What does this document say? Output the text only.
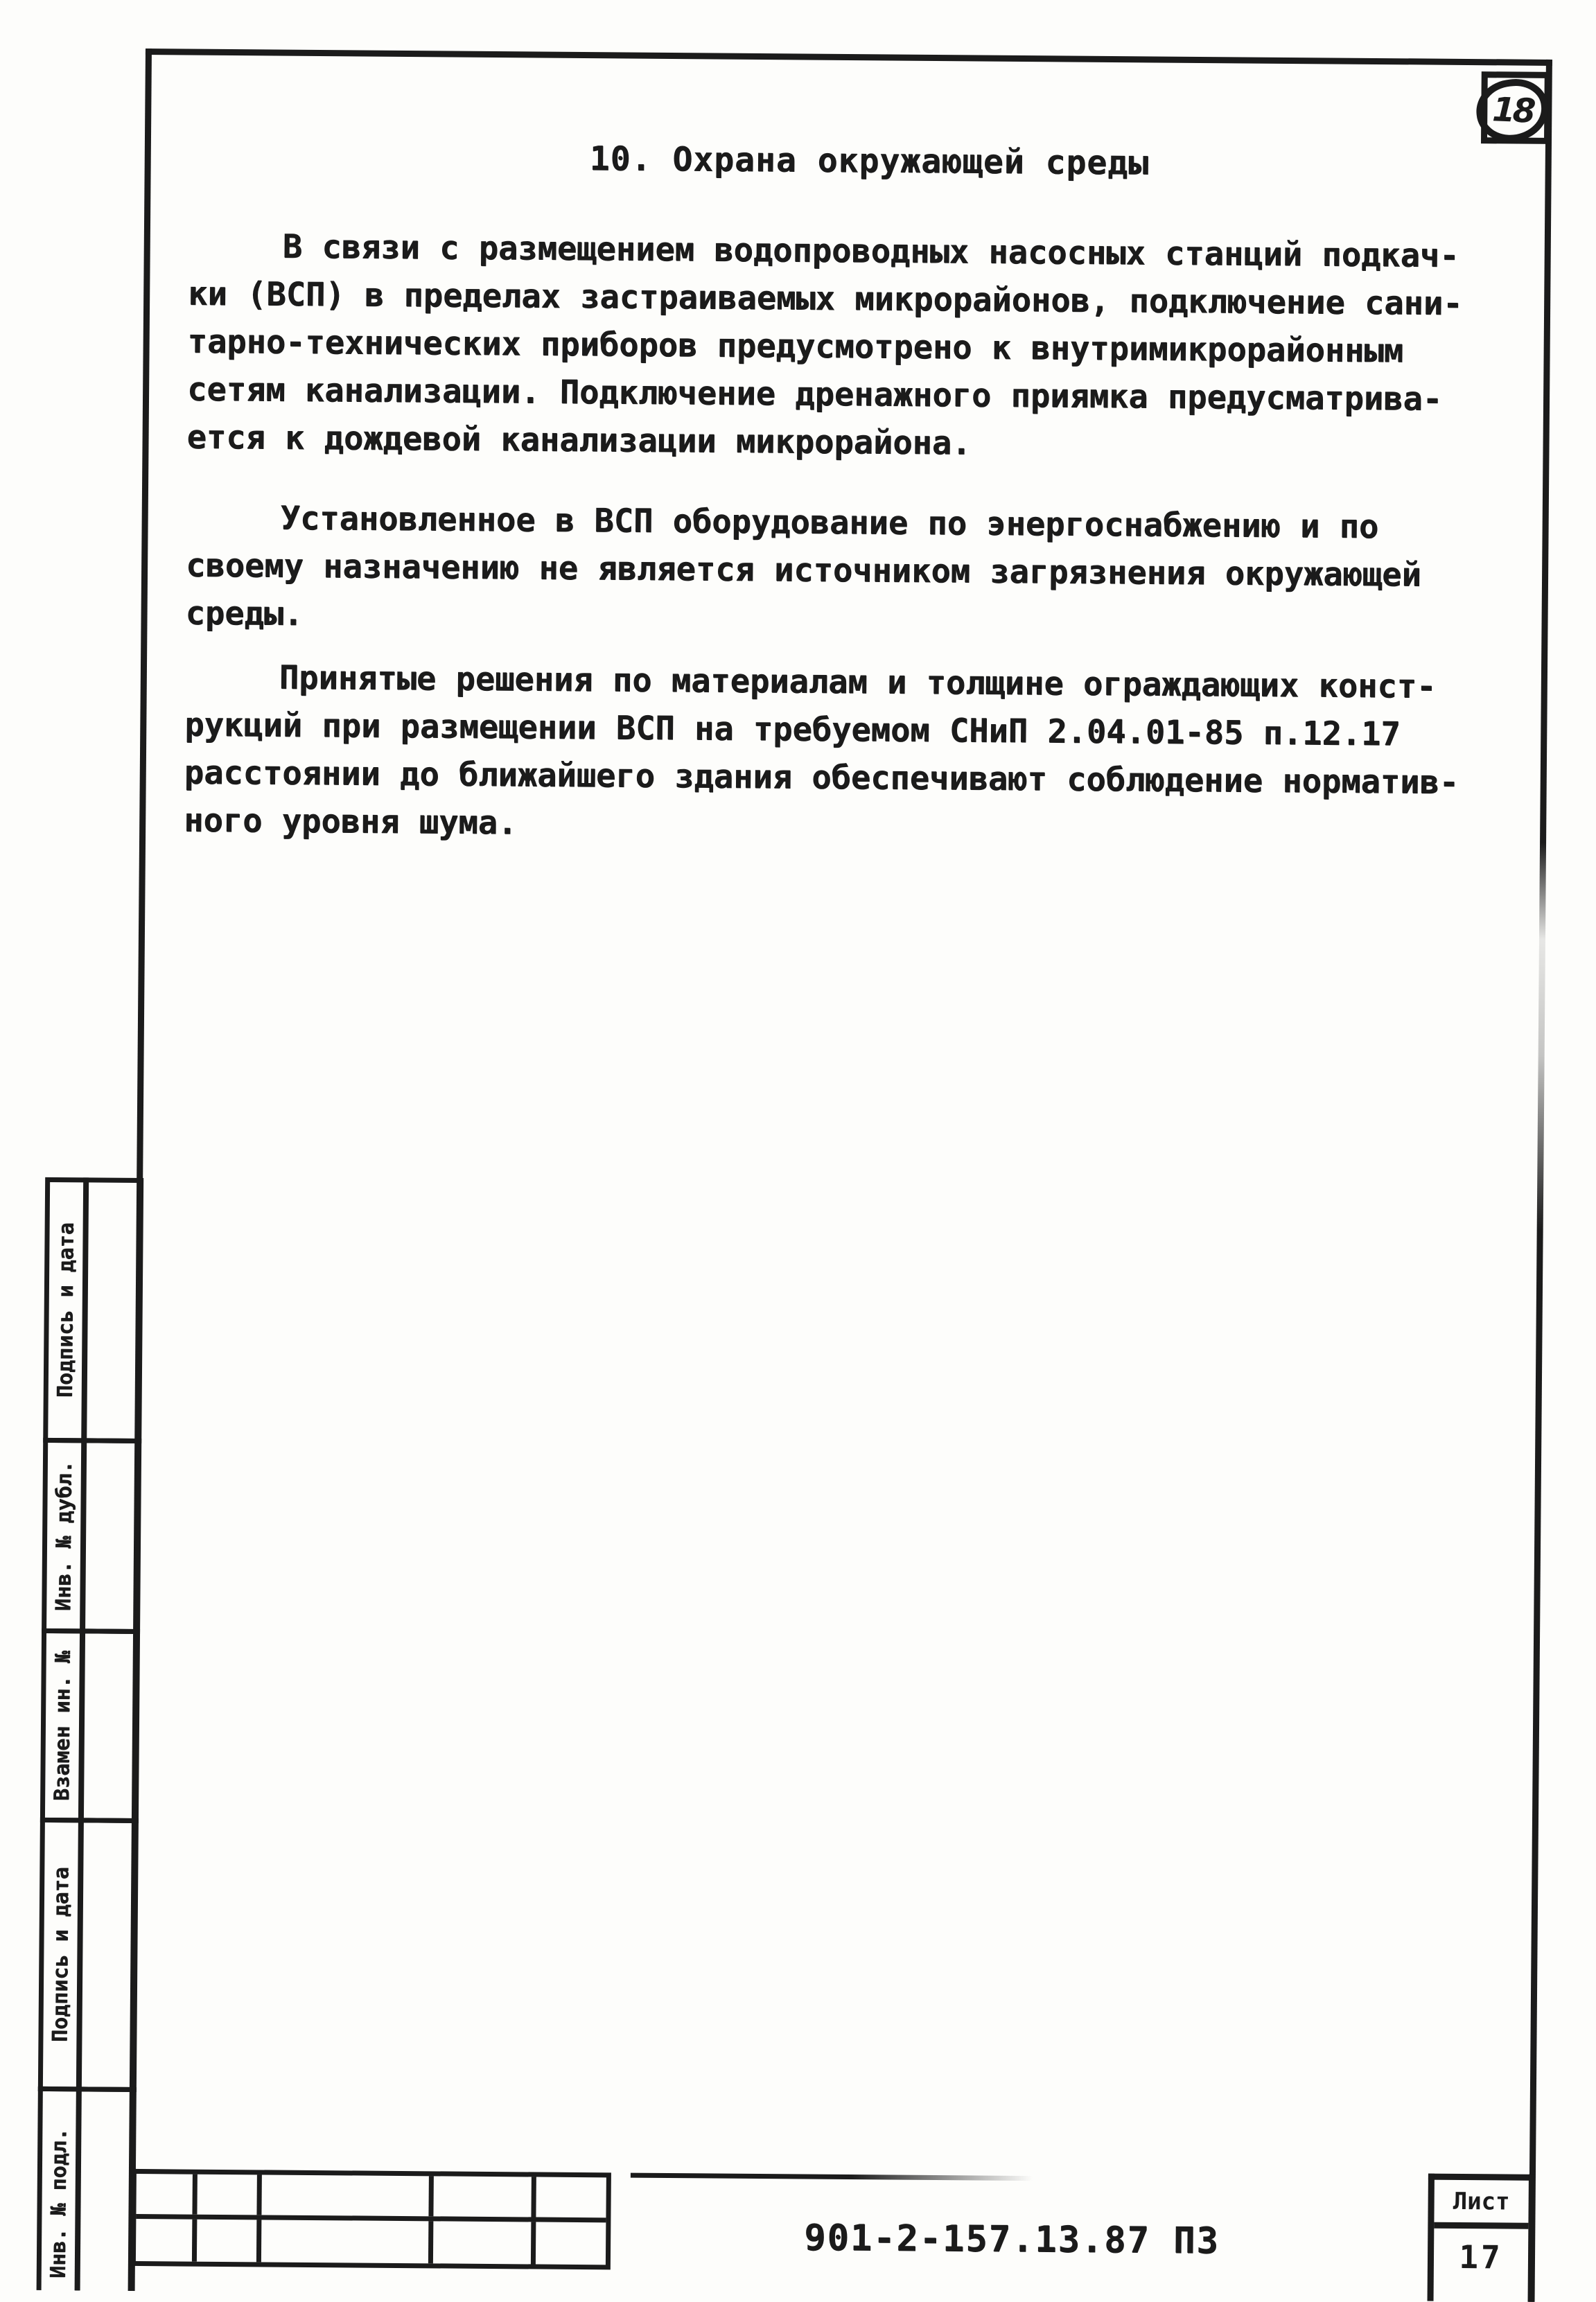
18
10. Охрана окружающей среды
В связи с размещением водопроводных насосных станций подкач-
ки (ВСП) в пределах застраиваемых микрорайонов, подключение сани-
тарно-технических приборов предусмотрено к внутримикрорайонным
сетям канализации. Подключение дренажного приямка предусматрива-
ется к дождевой канализации микрорайона.
Установленное в ВСП оборудование по энергоснабжению и по
своему назначению не является источником загрязнения окружающей
среды.
Принятые решения по материалам и толщине ограждающих конст-
рукций при размещении ВСП на требуемом СНиП 2.04.01-85 п.12.17
расстоянии до ближайшего здания обеспечивают соблюдение норматив-
ного уровня шума.
Подпись и дата
Инв. № дубл.
Взамен ин. №
Подпись и дата
Инв. № подл.	901-2-157.13.87 ПЗ
Лист
17
